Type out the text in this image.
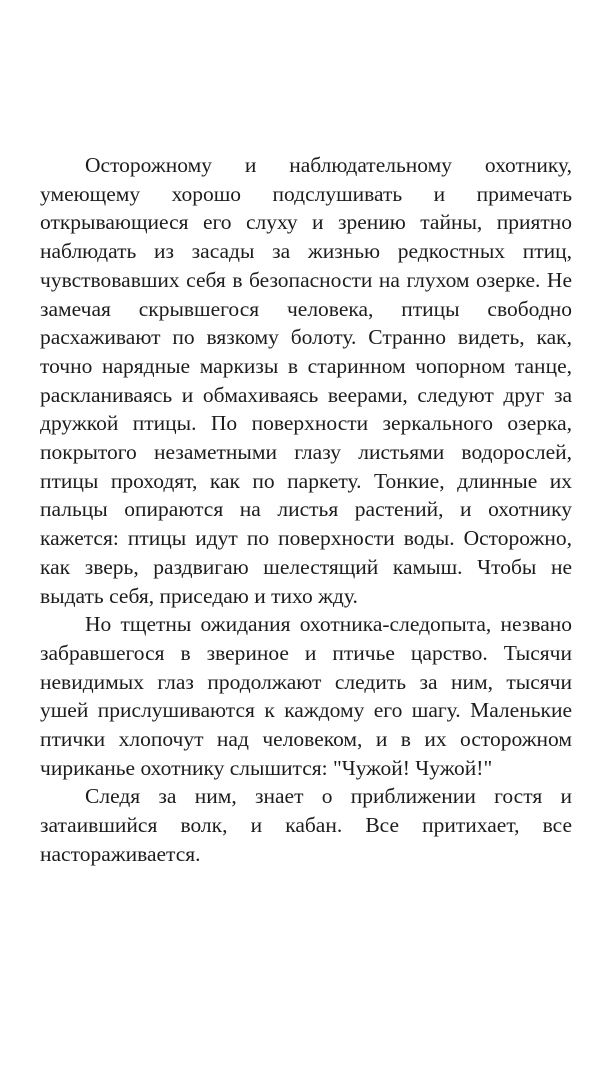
Осторожному и наблюдательному охотнику, умеющему хорошо подслушивать и примечать открывающиеся его слуху и зрению тайны, приятно наблюдать из засады за жизнью редкостных птиц, чувствовавших себя в безопасности на глухом озерке. Не замечая скрывшегося человека, птицы свободно расхаживают по вязкому болоту. Странно видеть, как, точно нарядные маркизы в старинном чопорном танце, раскланиваясь и обмахиваясь веерами, следуют друг за дружкой птицы. По поверхности зеркального озерка, покрытого незаметными глазу листьями водорослей, птицы проходят, как по паркету. Тонкие, длинные их пальцы опираются на листья растений, и охотнику кажется: птицы идут по поверхности воды. Осторожно, как зверь, раздвигаю шелестящий камыш. Чтобы не выдать себя, приседаю и тихо жду.

Но тщетны ожидания охотника-следопыта, незвано забравшегося в звериное и птичье царство. Тысячи невидимых глаз продолжают следить за ним, тысячи ушей прислушиваются к каждому его шагу. Маленькие птички хлопочут над человеком, и в их осторожном чириканье охотнику слышится: "Чужой! Чужой!"

Следя за ним, знает о приближении гостя и затаившийся волк, и кабан. Все притихает, все настораживается.
